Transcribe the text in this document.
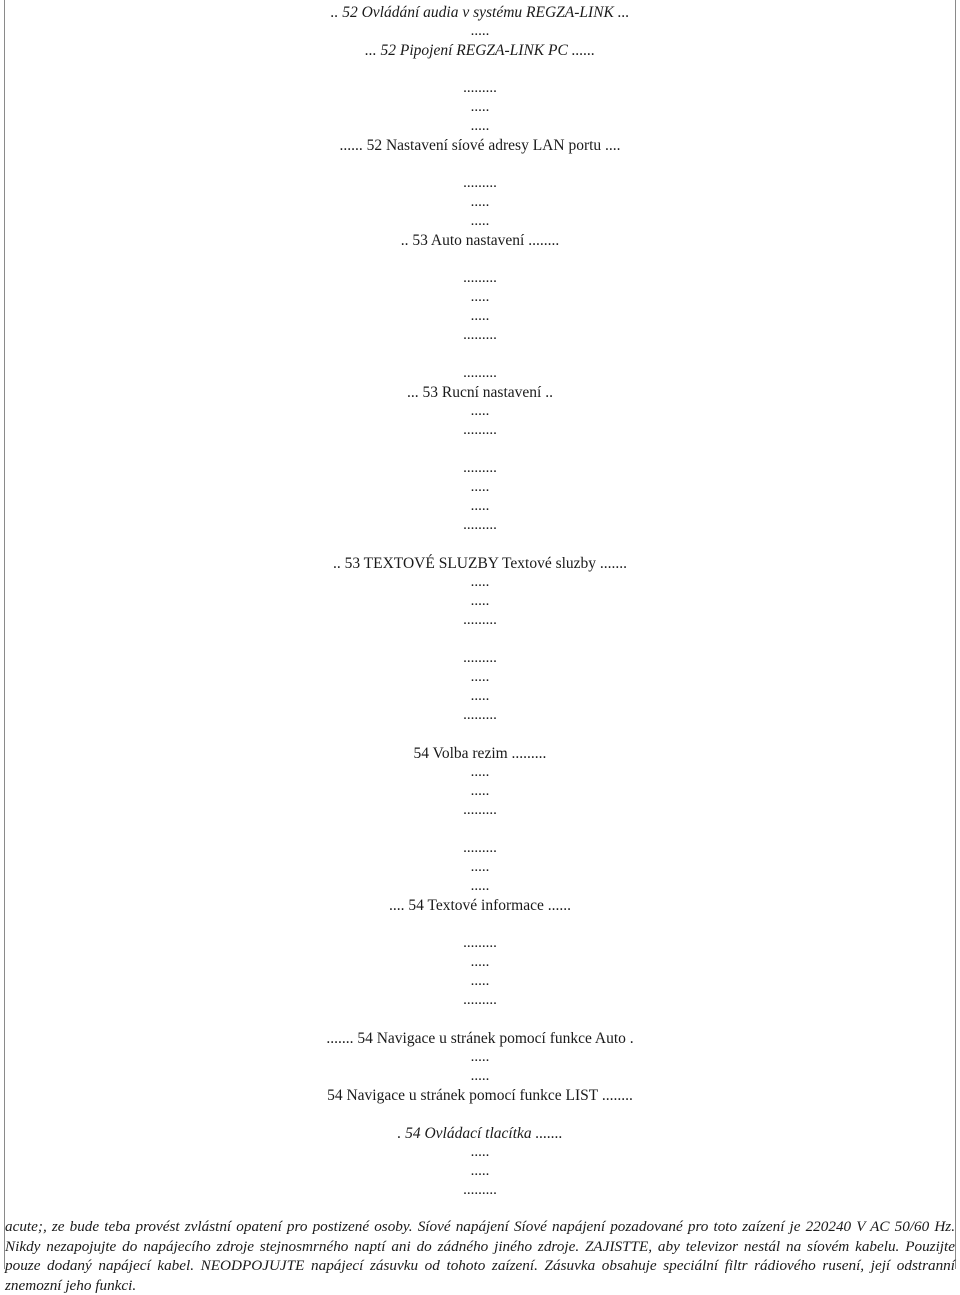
.. 52 Ovládání audia v systému REGZA-LINK ...
.....
... 52 Pipojení REGZA-LINK PC ......
.........
.....
.....
...... 52 Nastavení síové adresy LAN portu ....
.........
.....
.....
.. 53 Auto nastavení ........
.........
.....
.....
.........
.........
... 53 Rucní nastavení ..
.....
.........
.........
.....
.....
.........
.. 53 TEXTOVÉ SLUZBY Textové sluzby .......
.....
.....
.........
.........
.....
.....
.........
54 Volba rezim .........
.....
.....
.........
.........
.....
.....
.... 54 Textové informace ......
.........
.....
.....
.........
....... 54 Navigace u stránek pomocí funkce Auto .
.....
.....
54 Navigace u stránek pomocí funkce LIST ........
. 54 Ovládací tlacítka .......
.....
.....
.........

acute;, ze bude teba provést zvlástní opatení pro postizené osoby. Síové napájení Síové napájení pozadované pro toto zaízení je 220240 V AC 50/60 Hz. Nikdy nezapojujte do napájecího zdroje stejnosmrného naptí ani do zádného jiného zdroje. ZAJISTTE, aby televizor nestál na síovém kabelu. Pouzijte pouze dodaný napájecí kabel. NEODPOJUJTE napájecí zásuvku od tohoto zaízení. Zásuvka obsahuje speciální filtr rádiového rusení, její odstranní znemozní jeho funkci.
